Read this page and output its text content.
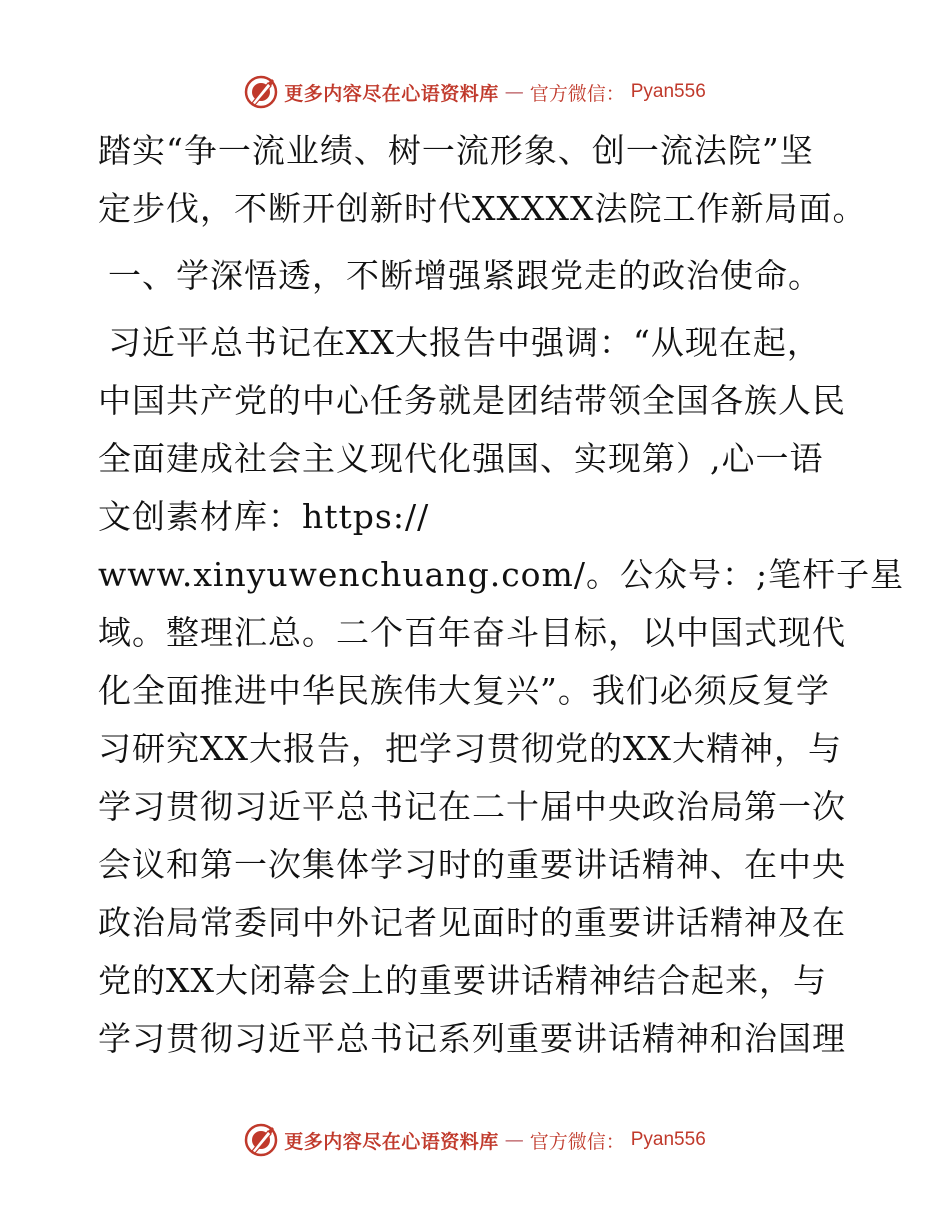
更多内容尽在心语资料库 — 官方微信： Pyan556
踏实“争一流业绩、树一流形象、创一流法院”坚
定步伐，不断开创新时代XXXXX法院工作新局面。
一、学深悟透，不断增强紧跟党走的政治使命。
习近平总书记在XX大报告中强调：“从现在起，
中国共产党的中心任务就是团结带领全国各族人民
全面建成社会主义现代化强国、实现第）,心一语
文创素材库：https://
www.xinyuwenchuang.com/。公众号：;笔杆子星
域。整理汇总。二个百年奋斗目标，以中国式现代
化全面推进中华民族伟大复兴”。我们必须反复学
习研究XX大报告，把学习贯彻党的XX大精神，与
学习贯彻习近平总书记在二十届中央政治局第一次
会议和第一次集体学习时的重要讲话精神、在中央
政治局常委同中外记者见面时的重要讲话精神及在
党的XX大闭幕会上的重要讲话精神结合起来，与
学习贯彻习近平总书记系列重要讲话精神和治国理
更多内容尽在心语资料库 — 官方微信： Pyan556
